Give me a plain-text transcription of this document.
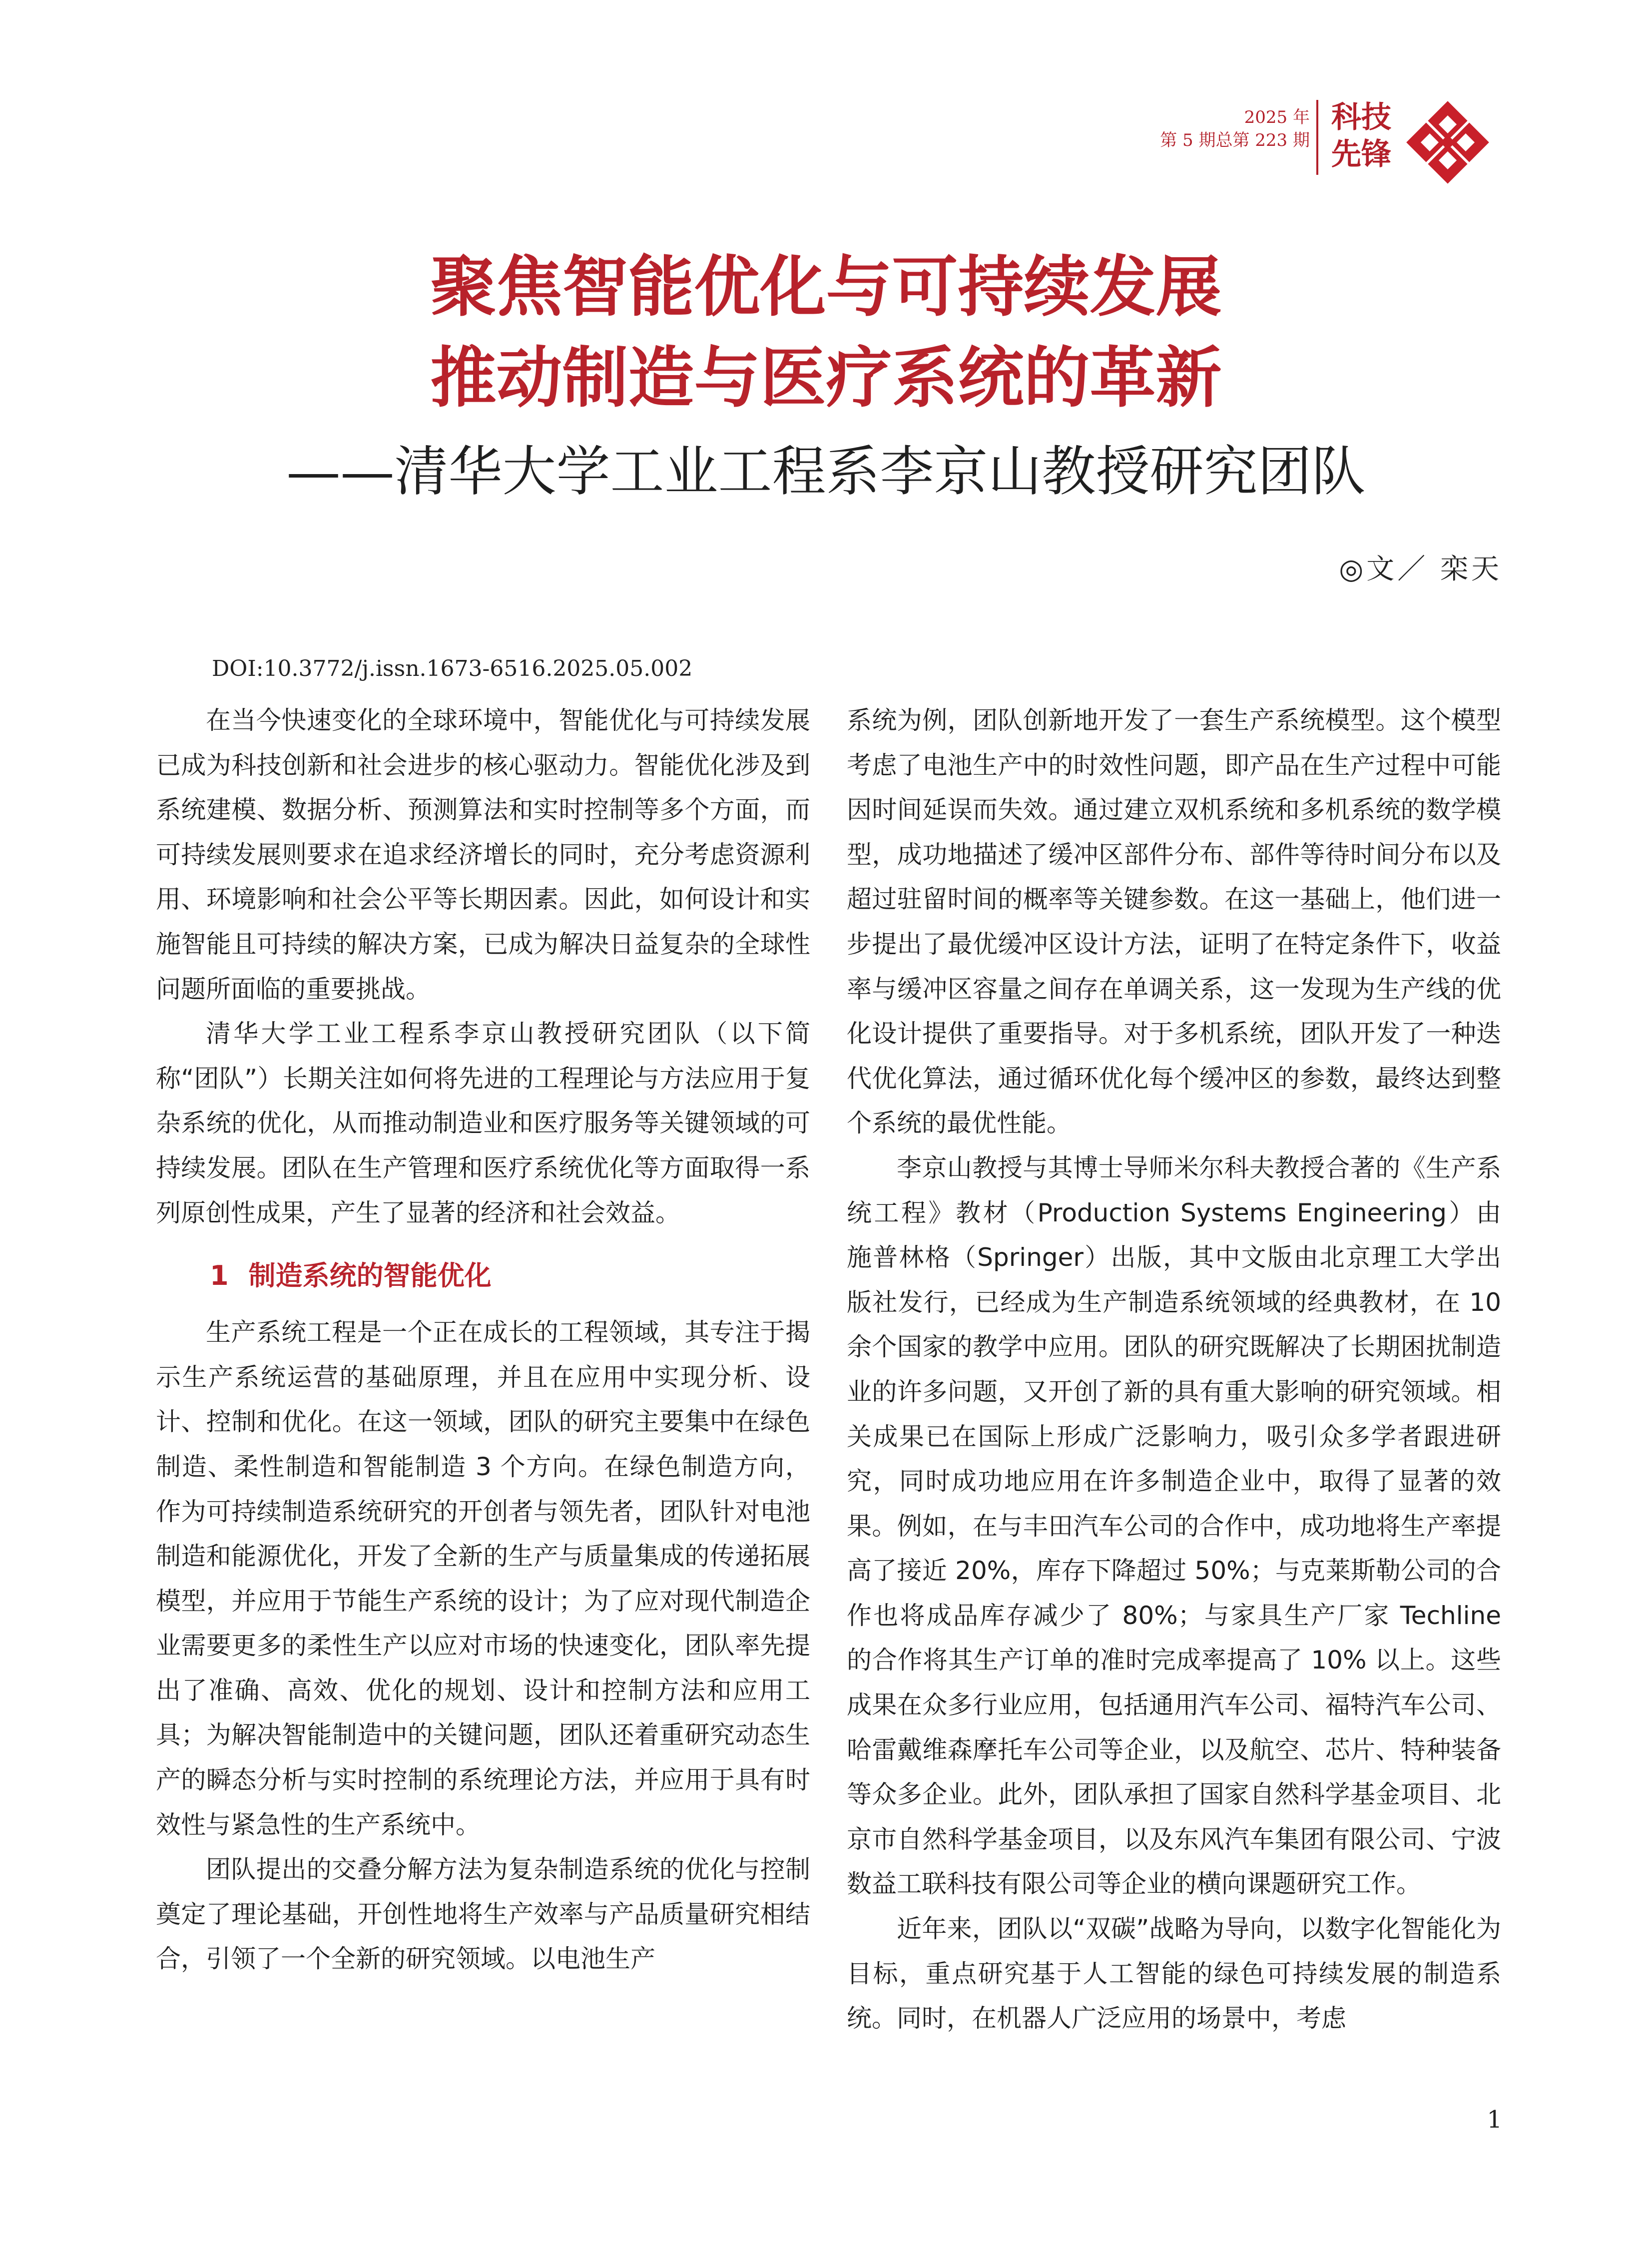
2025 年
第 5 期总第 223 期
科技
先锋
聚焦智能优化与可持续发展
推动制造与医疗系统的革新
——清华大学工业工程系李京山教授研究团队
◎文／ 栾天
DOI:10.3772/j.issn.1673-6516.2025.05.002

在当今快速变化的全球环境中，智能优化与可持续发展已成为科技创新和社会进步的核心驱动力。智能优化涉及到系统建模、数据分析、预测算法和实时控制等多个方面，而可持续发展则要求在追求经济增长的同时，充分考虑资源利用、环境影响和社会公平等长期因素。因此，如何设计和实施智能且可持续的解决方案，已成为解决日益复杂的全球性问题所面临的重要挑战。

清华大学工业工程系李京山教授研究团队（以下简称“团队”）长期关注如何将先进的工程理论与方法应用于复杂系统的优化，从而推动制造业和医疗服务等关键领域的可持续发展。团队在生产管理和医疗系统优化等方面取得一系列原创性成果，产生了显著的经济和社会效益。

1 制造系统的智能优化

生产系统工程是一个正在成长的工程领域，其专注于揭示生产系统运营的基础原理，并且在应用中实现分析、设计、控制和优化。在这一领域，团队的研究主要集中在绿色制造、柔性制造和智能制造 3 个方向。在绿色制造方向，作为可持续制造系统研究的开创者与领先者，团队针对电池制造和能源优化，开发了全新的生产与质量集成的传递拓展模型，并应用于节能生产系统的设计；为了应对现代制造企业需要更多的柔性生产以应对市场的快速变化，团队率先提出了准确、高效、优化的规划、设计和控制方法和应用工具；为解决智能制造中的关键问题，团队还着重研究动态生产的瞬态分析与实时控制的系统理论方法，并应用于具有时效性与紧急性的生产系统中。

团队提出的交叠分解方法为复杂制造系统的优化与控制奠定了理论基础，开创性地将生产效率与产品质量研究相结合，引领了一个全新的研究领域。以电池生产

系统为例，团队创新地开发了一套生产系统模型。这个模型考虑了电池生产中的时效性问题，即产品在生产过程中可能因时间延误而失效。通过建立双机系统和多机系统的数学模型，成功地描述了缓冲区部件分布、部件等待时间分布以及超过驻留时间的概率等关键参数。在这一基础上，他们进一步提出了最优缓冲区设计方法，证明了在特定条件下，收益率与缓冲区容量之间存在单调关系，这一发现为生产线的优化设计提供了重要指导。对于多机系统，团队开发了一种迭代优化算法，通过循环优化每个缓冲区的参数，最终达到整个系统的最优性能。

李京山教授与其博士导师米尔科夫教授合著的《生产系统工程》教材（Production Systems Engineering）由施普林格（Springer）出版，其中文版由北京理工大学出版社发行，已经成为生产制造系统领域的经典教材，在 10 余个国家的教学中应用。团队的研究既解决了长期困扰制造业的许多问题，又开创了新的具有重大影响的研究领域。相关成果已在国际上形成广泛影响力，吸引众多学者跟进研究，同时成功地应用在许多制造企业中，取得了显著的效果。例如，在与丰田汽车公司的合作中，成功地将生产率提高了接近 20%，库存下降超过 50%；与克莱斯勒公司的合作也将成品库存减少了 80%；与家具生产厂家 Techline 的合作将其生产订单的准时完成率提高了 10% 以上。这些成果在众多行业应用，包括通用汽车公司、福特汽车公司、哈雷戴维森摩托车公司等企业，以及航空、芯片、特种装备等众多企业。此外，团队承担了国家自然科学基金项目、北京市自然科学基金项目，以及东风汽车集团有限公司、宁波数益工联科技有限公司等企业的横向课题研究工作。

近年来，团队以“双碳”战略为导向，以数字化智能化为目标，重点研究基于人工智能的绿色可持续发展的制造系统。同时，在机器人广泛应用的场景中，考虑

1
